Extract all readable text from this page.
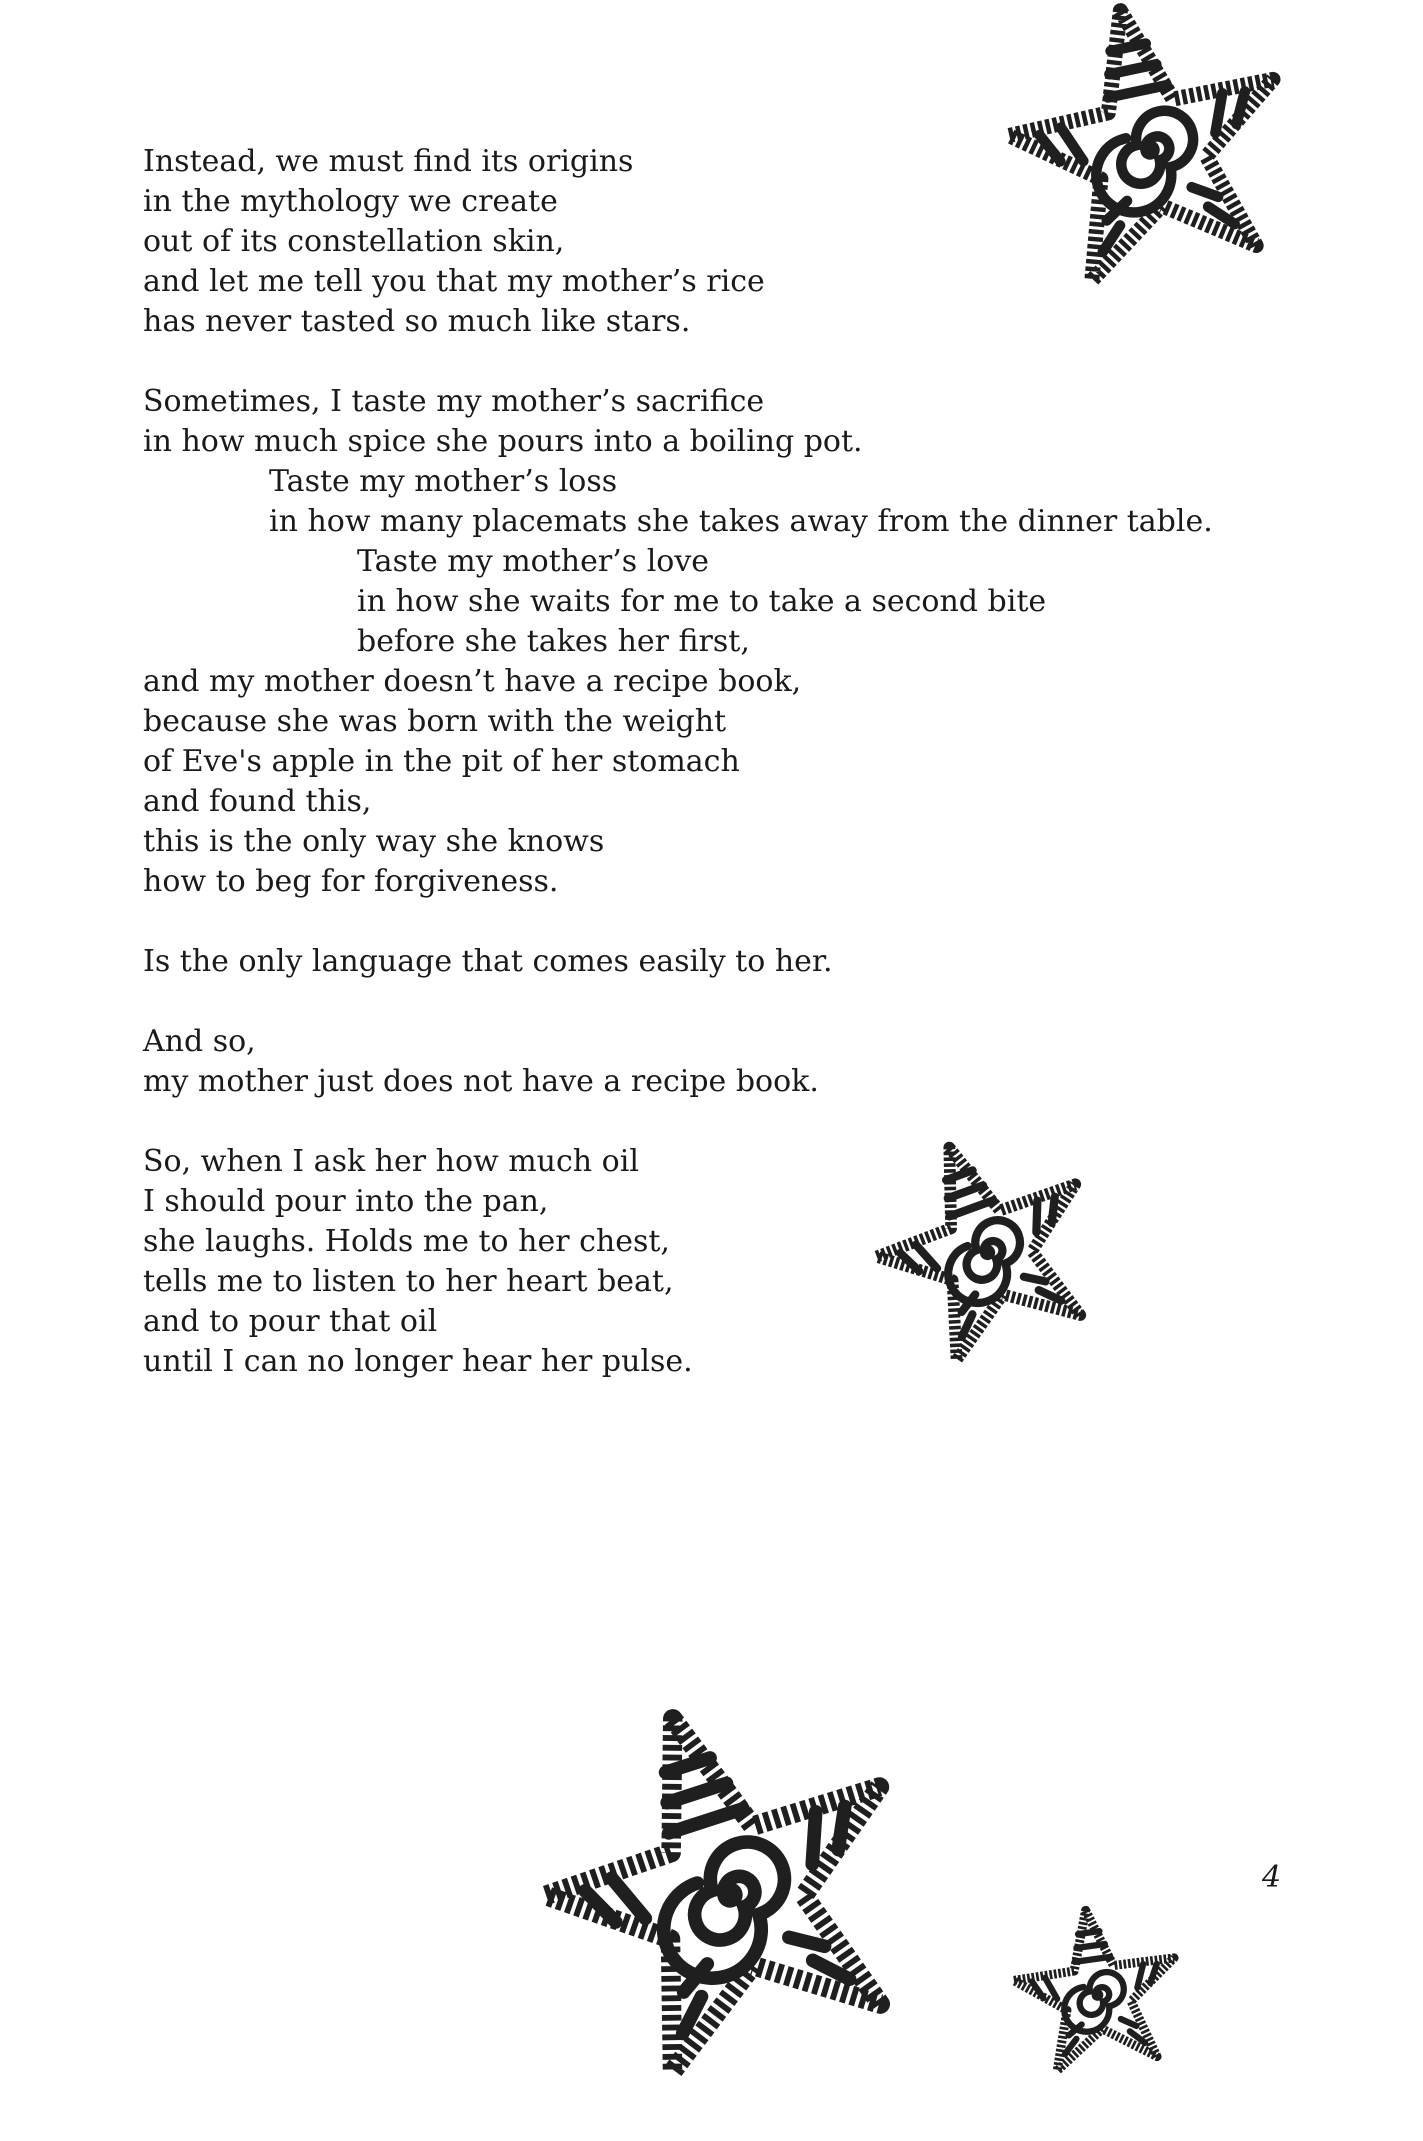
Instead, we must find its origins
in the mythology we create
out of its constellation skin,
and let me tell you that my mother’s rice
has never tasted so much like stars.
Sometimes, I taste my mother’s sacrifice
in how much spice she pours into a boiling pot.
Taste my mother’s loss
in how many placemats she takes away from the dinner table.
Taste my mother’s love
in how she waits for me to take a second bite
before she takes her first,
and my mother doesn’t have a recipe book,
because she was born with the weight
of Eve's apple in the pit of her stomach
and found this,
this is the only way she knows
how to beg for forgiveness.
Is the only language that comes easily to her.
And so,
my mother just does not have a recipe book.
So, when I ask her how much oil
I should pour into the pan,
she laughs. Holds me to her chest,
tells me to listen to her heart beat,
and to pour that oil
until I can no longer hear her pulse.
4
